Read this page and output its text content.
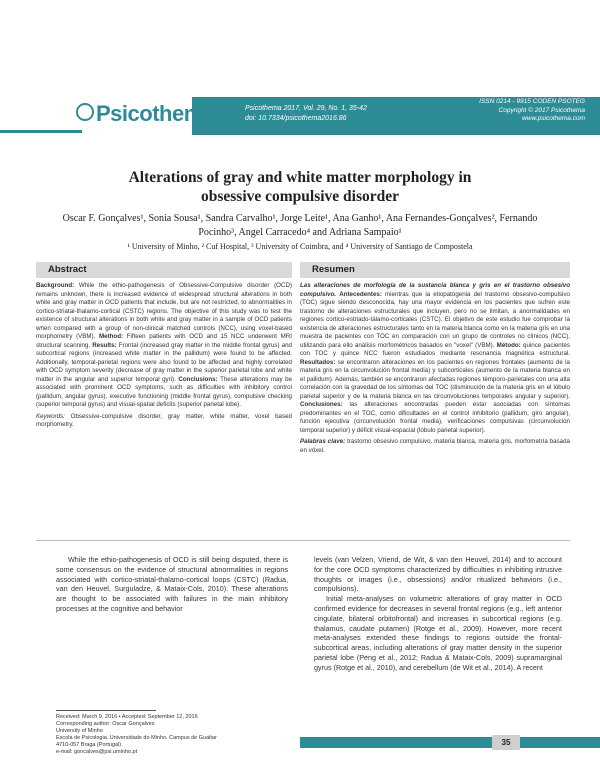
Psicothema	Psicothema 2017, Vol. 29, No. 1, 35-42
doi: 10.7334/psicothema2016.86
ISSN 0214 - 9915 CODEN PSOTEG
Copyright © 2017 Psicothema
www.psicothema.com
Alterations of gray and white matter morphology in obsessive compulsive disorder
Oscar F. Gonçalves¹, Sonia Sousa¹, Sandra Carvalho¹, Jorge Leite¹, Ana Ganho¹, Ana Fernandes-Gonçalves², Fernando Pocinho³, Angel Carracedo⁴ and Adriana Sampaio¹
¹ University of Minho, ² Cuf Hospital, ³ University of Coimbra, and ⁴ University of Santiago de Compostela
Abstract	Resumen
Background: While the ethio-pathogenesis of Obsessive-Compulsive disorder (OCD) remains unknown, there is increased evidence of widespread structural alterations in both white and gray matter in OCD patients that include, but are not restricted, to abnormalities in cortico-striatal-thalamo-cortical (CSTC) regions. The objective of this study was to test the existence of structural alterations in both white and gray matter in a sample of OCD patients when compared with a group of non-clinical matched controls (NCC), using voxel-based morphometry (VBM). Method: Fifteen patients with OCD and 15 NCC underwent MRI structural scanning. Results: Frontal (increased gray matter in the middle frontal gyrus) and subcortical regions (increased white matter in the pallidum) were found to be affected. Additionally, temporal-parietal regions were also found to be affected and highly correlated with OCD symptom severity (decrease of gray matter in the superior parietal lobe and white matter in the angular and superior temporal gyri). Conclusions: These alterations may be associated with prominent OCD symptoms, such as difficulties with inhibitory control (pallidum, angular gyrus), executive functioning (middle frontal gyrus), compulsive checking (superior temporal gyrus) and visual-spatial deficits (superior parietal lobe).
Keywords: Obsessive-compulsive disorder, gray matter, white matter, voxel based morphometry.
Las alteraciones de morfología de la sustancia blanca y gris en el trastorno obsesivo compulsivo. Antecedentes: mientras que la etiopatogenia del trastorno obsesivo-compulsivo (TOC) sigue siendo desconocida, hay una mayor evidencia en los pacientes que sufren este trastorno de alteraciones estructurales que incluyen, pero no se limitan, a anormalidades en regiones cortico-estriado-tálamo-corticales (CSTC). El objetivo de este estudio fue comprobar la existencia de alteraciones estructurales tanto en la materia blanca como en la materia gris en una muestra de pacientes con TOC en comparación con un grupo de controles no clínicos (NCC), utilizando para ello análisis morfométricos basados en "voxel" (VBM). Método: quince pacientes con TOC y quince NCC fueron estudiados mediante resonancia magnética estructural. Resultados: se encontraron alteraciones en los pacientes en regiones frontales (aumento de la materia gris en la circunvolución frontal media) y subcorticales (aumento de la materia blanca en el pallidum). Además, también se encontraron afectadas regiones témporo-parietales con una alta correlación con la gravedad de los síntomas del TOC (disminución de la materia gris en el lóbulo parietal superior y de la materia blanca en las circunvoluciones temporales angular y superior). Conclusiones: las alteraciones encontradas pueden estar asociadas con síntomas predominantes en el TOC, como dificultades en el control inhibitorio (pallidum, giro angular), función ejecutiva (circunvolución frontal media), verificaciones compulsivas (circunvolución temporal superior) y déficit visual-espacial (lóbulo parietal superior).
Palabras clave: trastorno obsesivo compulsivo, materia blanca, materia gris, morfometría basada en vóxel.
While the ethio-pathogenesis of OCD is still being disputed, there is some consensus on the evidence of structural abnormalities in regions associated with cortico-striatal-thalamo-cortical loops (CSTC) (Radua, van den Heuvel, Surguladze, & Mataix-Cols, 2010). These alterations are thought to be associated with failures in the main inhibitory processes at the cognitive and behavior

levels (van Velzen, Vriend, de Wit, & van den Heuvel, 2014) and to account for the core OCD symptoms characterized by difficulties in inhibiting intrusive thoughts or images (i.e., obsessions) and/or ritualized behaviors (i.e., compulsions).

Initial meta-analyses on volumetric alterations of gray matter in OCD confirmed evidence for decreases in several frontal regions (e.g., left anterior cingulate, bilateral orbitofrontal) and increases in subcortical regions (e.g. thalamus, caudate putamen) (Rotge et al., 2009). However, more recent meta-analyses extended these findings to regions outside the frontal-subcortical areas, including alterations of gray matter density in the superior parietal lobe (Peng et al., 2012; Radua & Mataix-Cols, 2009) supramarginal gyrus (Rotge et al., 2010), and cerebellum (de Wit et al., 2014). A recent

Received: March 9, 2016 • Accepted: September 12, 2016
Corresponding author: Oscar Gonçalves
University of Minho
Escola de Psicologia. Universidade do Minho. Campus de Gualtar
4710-057 Braga (Portugal)
e-mail: goncalves@psi.uminho.pt
35
